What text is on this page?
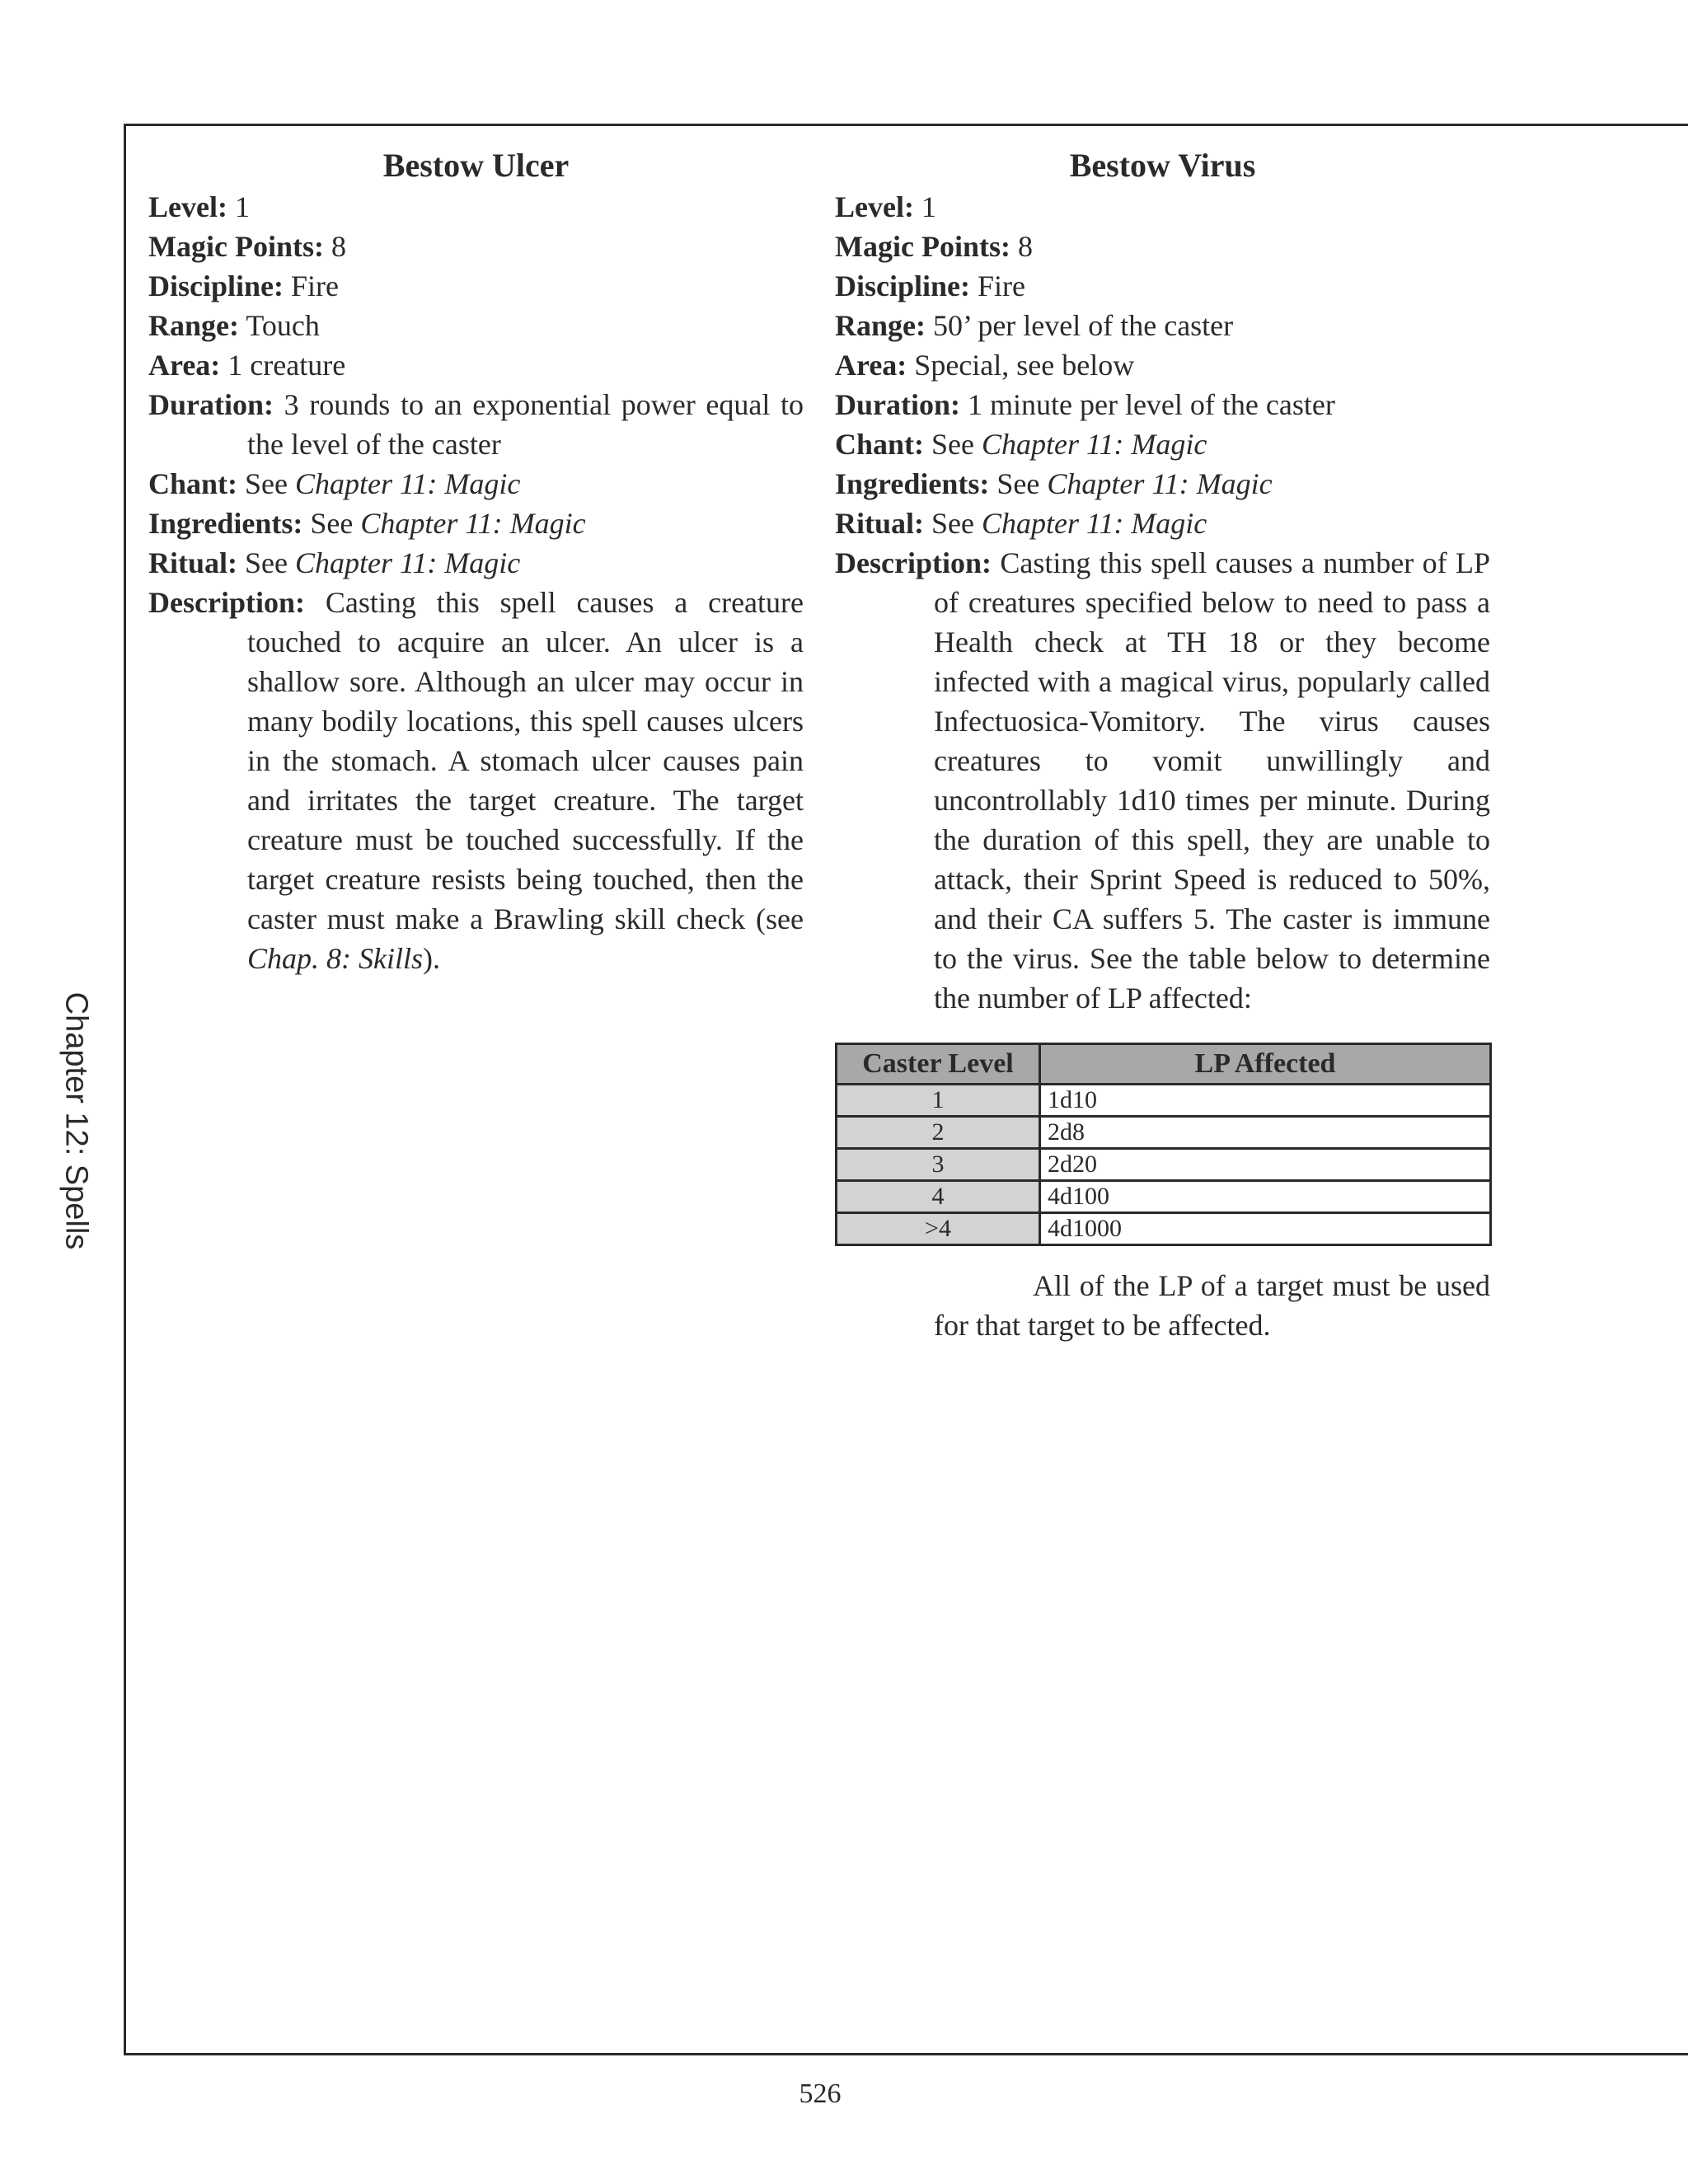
Chapter 12: Spells
Bestow Ulcer

Level: 1

Magic Points: 8

Discipline: Fire

Range: Touch

Area: 1 creature

Duration: 3 rounds to an exponential power equal to the level of the caster

Chant: See Chapter 11: Magic

Ingredients: See Chapter 11: Magic

Ritual: See Chapter 11: Magic

Description: Casting this spell causes a creature touched to acquire an ulcer. An ulcer is a shallow sore. Although an ulcer may occur in many bodily locations, this spell causes ulcers in the stomach. A stomach ulcer causes pain and irritates the target creature. The target creature must be touched successfully. If the target creature resists being touched, then the caster must make a Brawling skill check (see Chap. 8: Skills).

Bestow Virus

Level: 1

Magic Points: 8

Discipline: Fire

Range: 50’ per level of the caster

Area: Special, see below

Duration: 1 minute per level of the caster

Chant: See Chapter 11: Magic

Ingredients: See Chapter 11: Magic

Ritual: See Chapter 11: Magic

Description: Casting this spell causes a number of LP of creatures specified below to need to pass a Health check at TH 18 or they become infected with a magical virus, popularly called Infectuosica-Vomitory. The virus causes creatures to vomit unwillingly and uncontrollably 1d10 times per minute. During the duration of this spell, they are unable to attack, their Sprint Speed is reduced to 50%, and their CA suffers 5. The caster is immune to the virus. See the table below to determine the number of LP affected:

Caster Level	LP Affected
1	1d10
2	2d8
3	2d20
4	4d100
>4	4d1000

All of the LP of a target must be used for that target to be affected.

526
